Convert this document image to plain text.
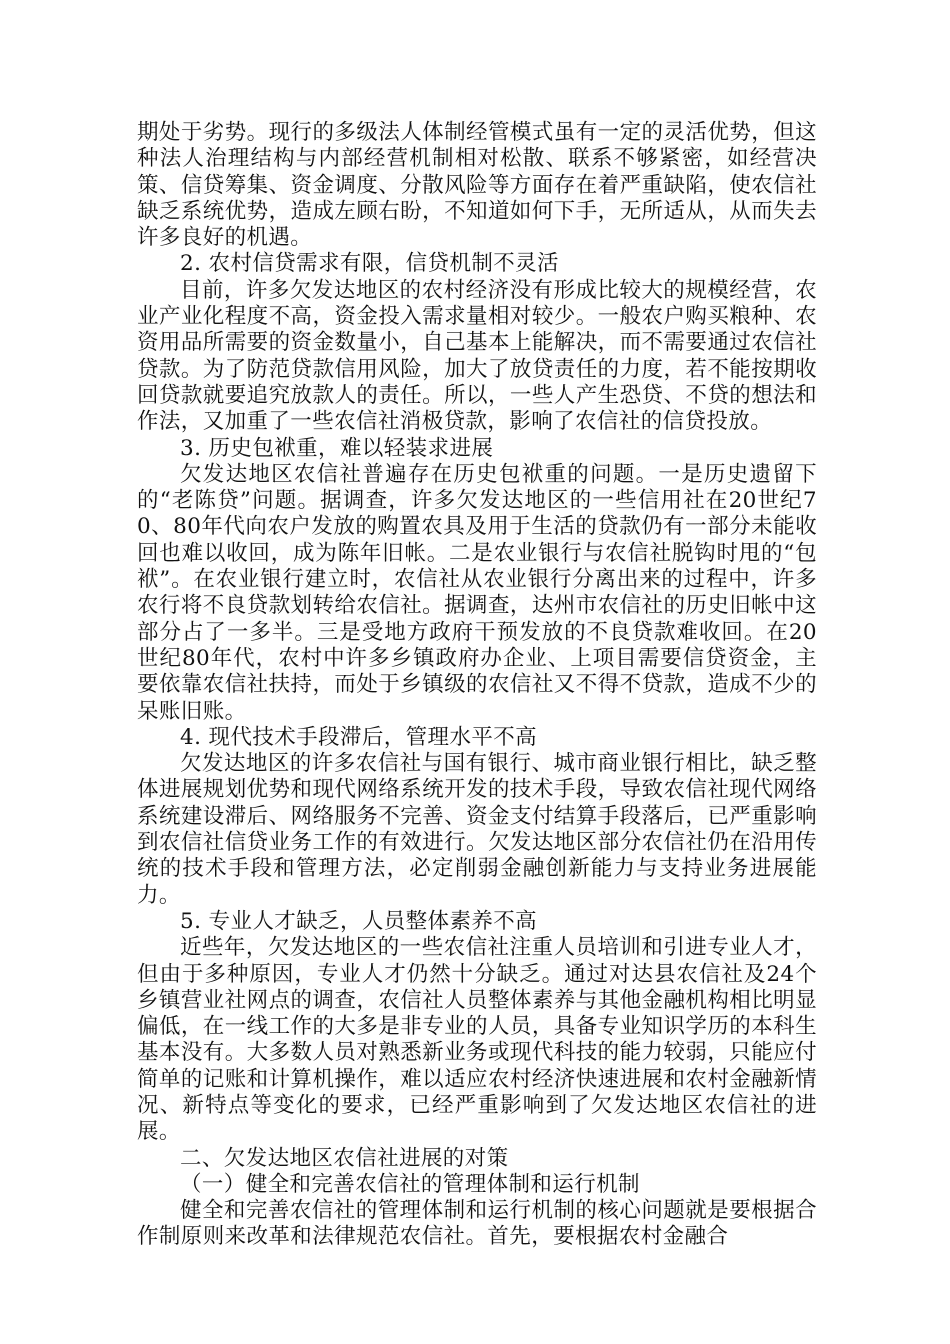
期处于劣势。现行的多级法人体制经管模式虽有一定的灵活优势，但这种法人治理结构与内部经营机制相对松散、联系不够紧密，如经营决策、信贷筹集、资金调度、分散风险等方面存在着严重缺陷，使农信社缺乏系统优势，造成左顾右盼，不知道如何下手，无所适从，从而失去许多良好的机遇。

2. 农村信贷需求有限，信贷机制不灵活

目前，许多欠发达地区的农村经济没有形成比较大的规模经营，农业产业化程度不高，资金投入需求量相对较少。一般农户购买粮种、农资用品所需要的资金数量小，自己基本上能解决，而不需要通过农信社贷款。为了防范贷款信用风险，加大了放贷责任的力度，若不能按期收回贷款就要追究放款人的责任。所以，一些人产生恐贷、不贷的想法和作法，又加重了一些农信社消极贷款，影响了农信社的信贷投放。

3. 历史包袱重，难以轻装求进展

欠发达地区农信社普遍存在历史包袱重的问题。一是历史遗留下的“老陈贷”问题。据调查，许多欠发达地区的一些信用社在20世纪70、80年代向农户发放的购置农具及用于生活的贷款仍有一部分未能收回也难以收回，成为陈年旧帐。二是农业银行与农信社脱钩时甩的“包袱”。在农业银行建立时，农信社从农业银行分离出来的过程中，许多农行将不良贷款划转给农信社。据调查，达州市农信社的历史旧帐中这部分占了一多半。三是受地方政府干预发放的不良贷款难收回。在20世纪80年代，农村中许多乡镇政府办企业、上项目需要信贷资金，主要依靠农信社扶持，而处于乡镇级的农信社又不得不贷款，造成不少的呆账旧账。

4. 现代技术手段滞后，管理水平不高

欠发达地区的许多农信社与国有银行、城市商业银行相比，缺乏整体进展规划优势和现代网络系统开发的技术手段，导致农信社现代网络系统建设滞后、网络服务不完善、资金支付结算手段落后，已严重影响到农信社信贷业务工作的有效进行。欠发达地区部分农信社仍在沿用传统的技术手段和管理方法，必定削弱金融创新能力与支持业务进展能力。

5. 专业人才缺乏，人员整体素养不高

近些年，欠发达地区的一些农信社注重人员培训和引进专业人才，但由于多种原因，专业人才仍然十分缺乏。通过对达县农信社及24个乡镇营业社网点的调查，农信社人员整体素养与其他金融机构相比明显偏低，在一线工作的大多是非专业的人员，具备专业知识学历的本科生基本没有。大多数人员对熟悉新业务或现代科技的能力较弱，只能应付简单的记账和计算机操作，难以适应农村经济快速进展和农村金融新情况、新特点等变化的要求，已经严重影响到了欠发达地区农信社的进展。

二、欠发达地区农信社进展的对策

（一）健全和完善农信社的管理体制和运行机制

健全和完善农信社的管理体制和运行机制的核心问题就是要根据合作制原则来改革和法律规范农信社。首先，要根据农村金融合
